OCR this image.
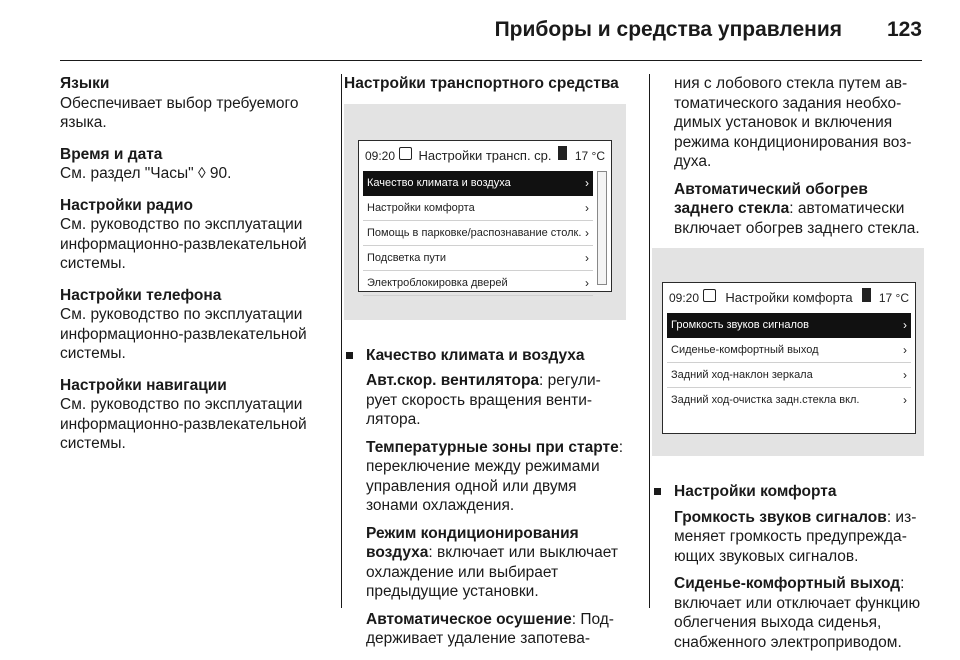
Приборы и средства управления 123

Языки
Обеспечивает выбор требуемого языка.

Время и дата
См. раздел "Часы" ◊ 90.

Настройки радио
См. руководство по эксплуатации информационно-развлекательной системы.

Настройки телефона
См. руководство по эксплуатации информационно-развлекательной системы.

Настройки навигации
См. руководство по эксплуатации информационно-развлекательной системы.

Настройки транспортного средства

09:20	Настройки трансп. ср.	17 °C
Качество климата и воздуха	›
Настройки комфорта	›
Помощь в парковке/распознавание столк. ›
Подсветка пути	›
Электроблокировка дверей	›
Качество климата и воздуха

Авт.скор. вентилятора: регулирует скорость вращения вентилятора.

Температурные зоны при старте: переключение между режимами управления одной или двумя зонами охлаждения.

Режим кондиционирования воздуха: включает или выключает охлаждение или выбирает предыдущие установки.

Автоматическое осушение: Поддерживает удаление запотева-

ния с лобового стекла путем автоматического задания необходимых установок и включения режима кондиционирования воздуха.

Автоматический обогрев заднего стекла: автоматически включает обогрев заднего стекла.

09:20	Настройки комфорта	17 °C
Громкость звуков сигналов	›
Сиденье-комфортный выход	›
Задний ход-наклон зеркала	›
Задний ход-очистка задн.стекла вкл.	›
Настройки комфорта

Громкость звуков сигналов: изменяет громкость предупреждающих звуковых сигналов.

Сиденье-комфортный выход: включает или отключает функцию облегчения выхода сиденья, снабженного электроприводом.
